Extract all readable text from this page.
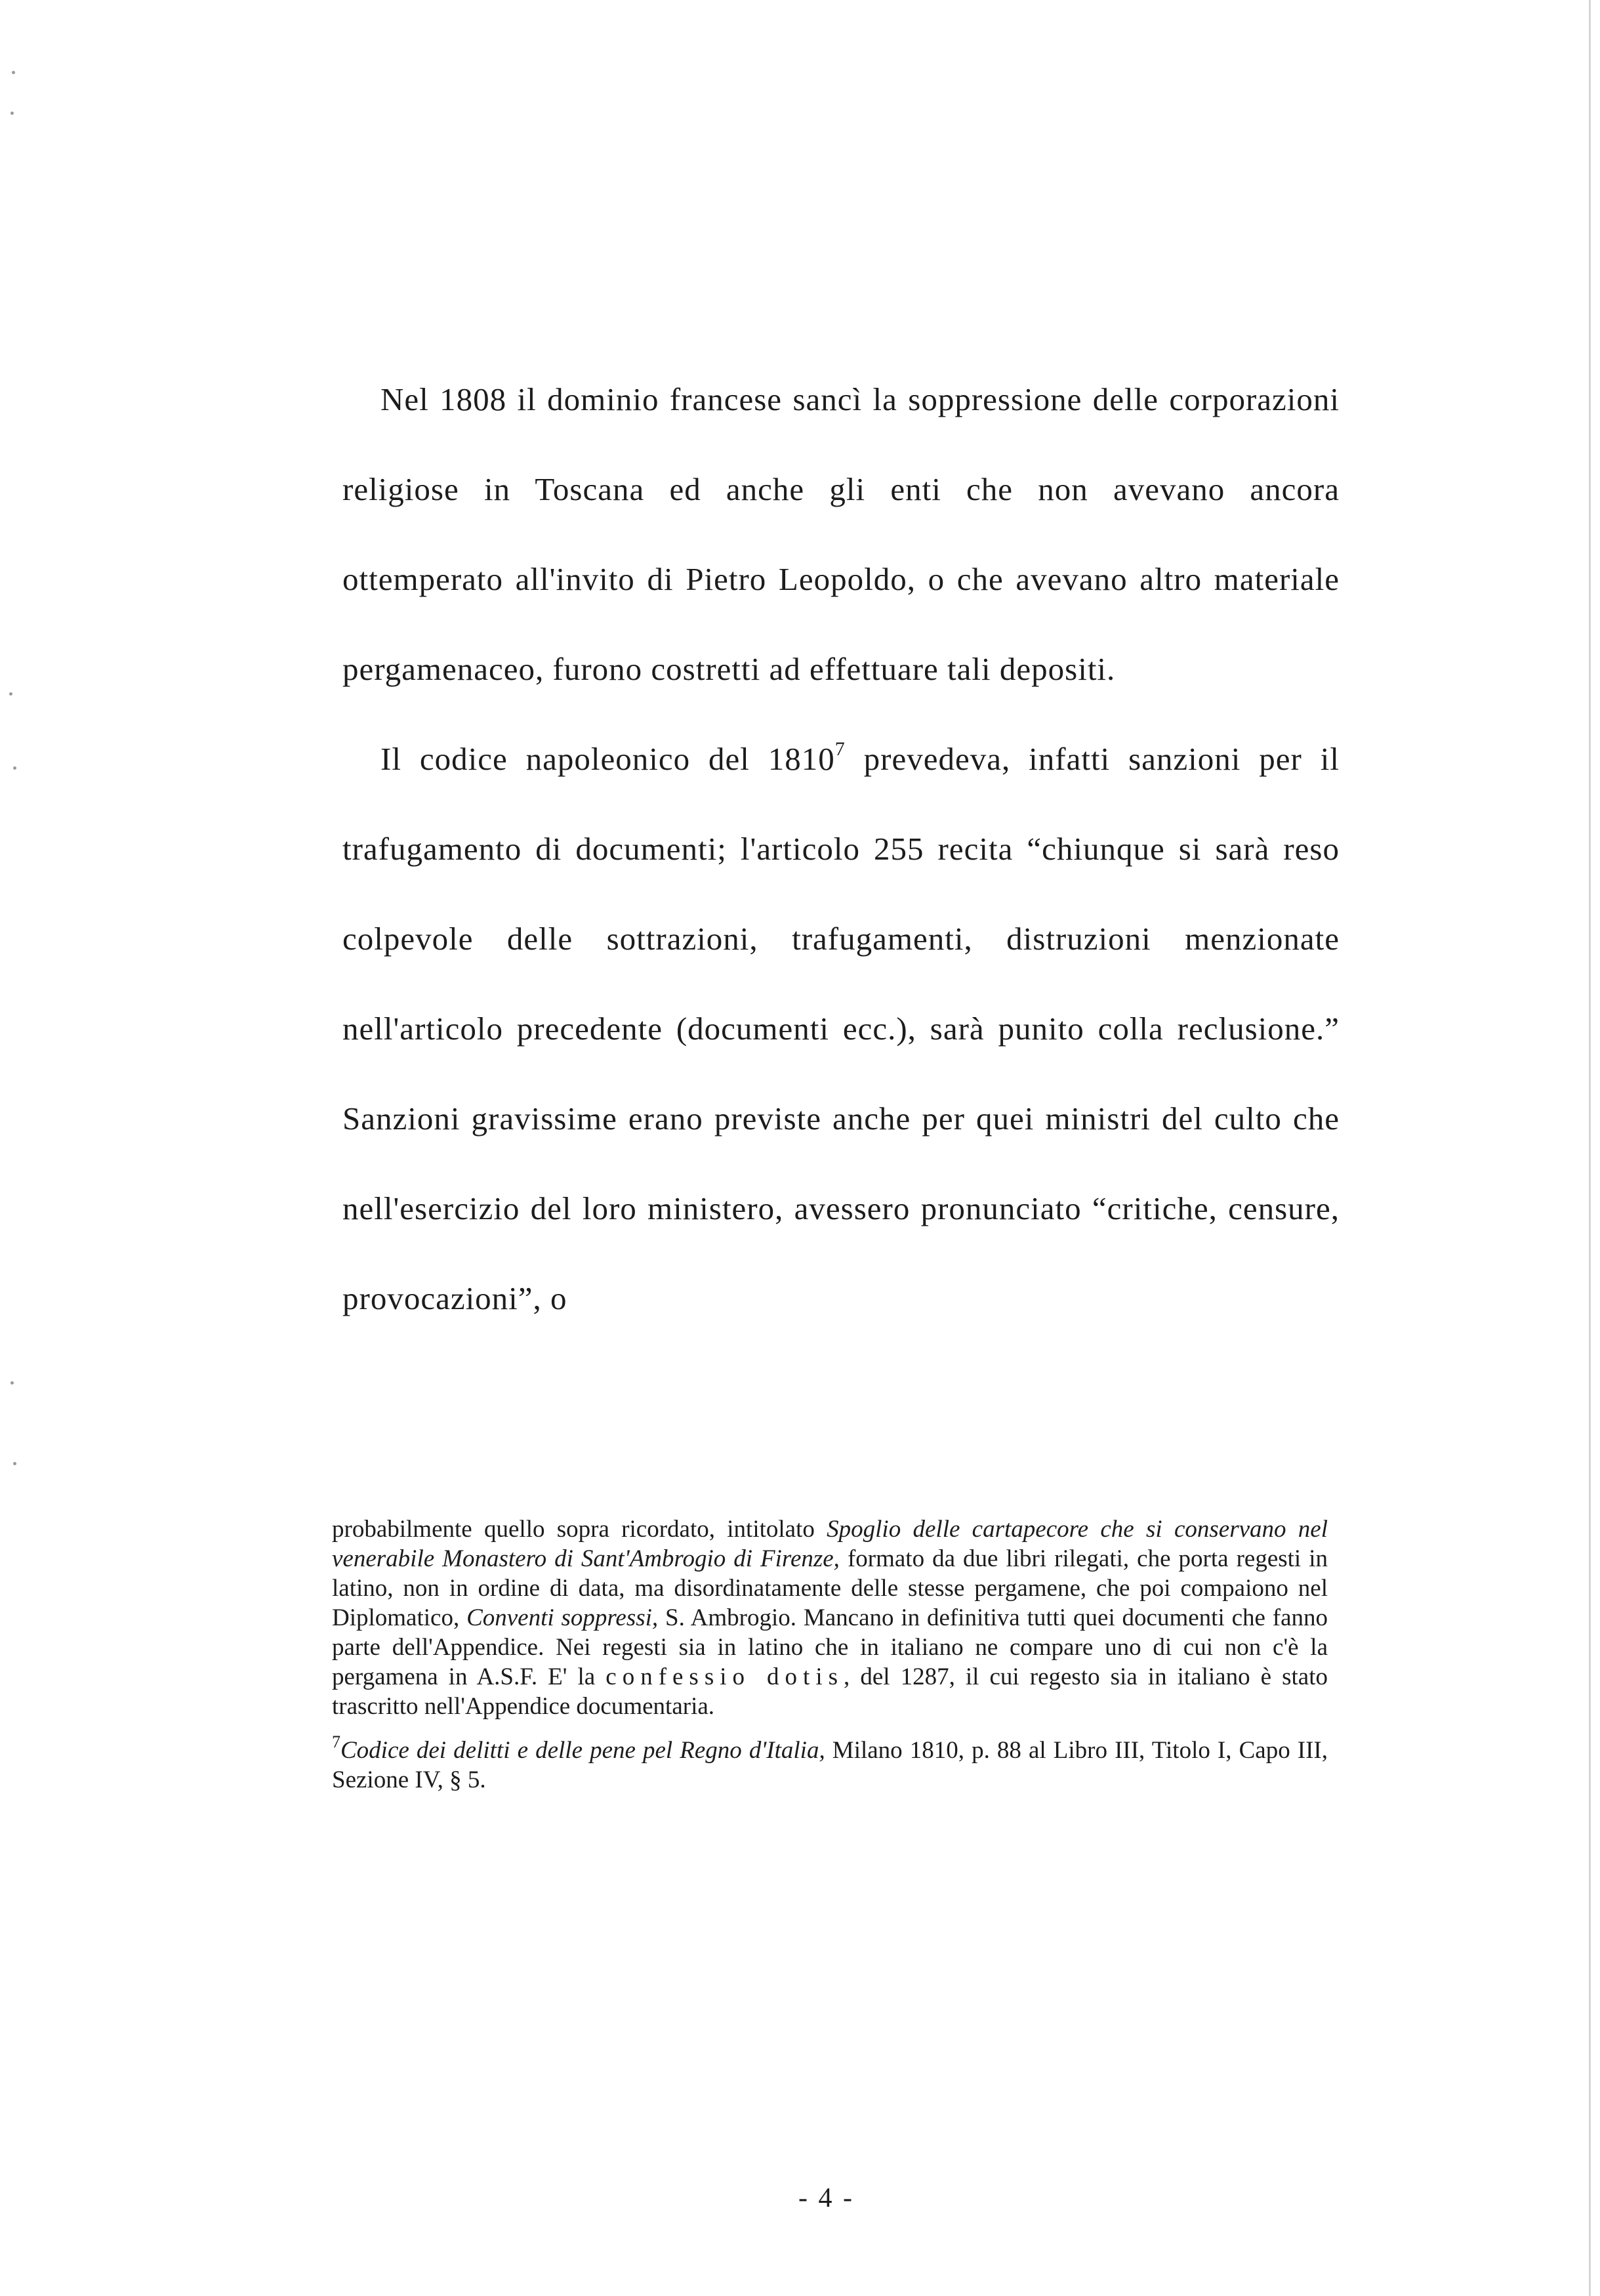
Nel 1808 il dominio francese sancì la soppressione delle corporazioni religiose in Toscana ed anche gli enti che non avevano ancora ottemperato all'invito di Pietro Leopoldo, o che avevano altro materiale pergamenaceo, furono costretti ad effettuare tali depositi.

Il codice napoleonico del 1810$^7$ prevedeva, infatti sanzioni per il trafugamento di documenti; l'articolo 255 recita “chiunque si sarà reso colpevole delle sottrazioni, trafugamenti, distruzioni menzionate nell'articolo precedente (documenti ecc.), sarà punito colla reclusione.” Sanzioni gravissime erano previste anche per quei ministri del culto che nell'esercizio del loro ministero, avessero pronunciato “critiche, censure, provocazioni”, o

probabilmente quello sopra ricordato, intitolato Spoglio delle cartapecore che si conservano nel venerabile Monastero di Sant'Ambrogio di Firenze, formato da due libri rilegati, che porta regesti in latino, non in ordine di data, ma disordinatamente delle stesse pergamene, che poi compaiono nel Diplomatico, Conventi soppressi, S. Ambrogio. Mancano in definitiva tutti quei documenti che fanno parte dell'Appendice. Nei regesti sia in latino che in italiano ne compare uno di cui non c'è la pergamena in A.S.F. E' la confessio dotis, del 1287, il cui regesto sia in italiano è stato trascritto nell'Appendice documentaria.

$^7$Codice dei delitti e delle pene pel Regno d'Italia, Milano 1810, p. 88 al Libro III, Titolo I, Capo III, Sezione IV, § 5.

- 4 -
